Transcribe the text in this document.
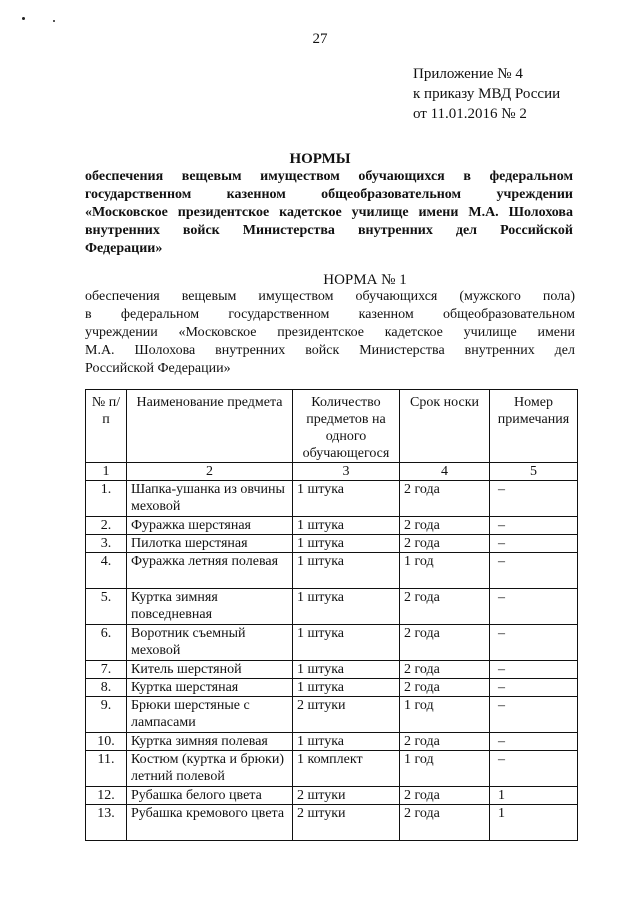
27
Приложение № 4
к приказу МВД России
от 11.01.2016 № 2
НОРМЫ
обеспечения вещевым имуществом обучающихся в федеральном
государственном казенном общеобразовательном учреждении
«Московское президентское кадетское училище имени М.А. Шолохова
внутренних войск Министерства внутренних дел Российской
Федерации»
НОРМА № 1
обеспечения вещевым имуществом обучающихся (мужского пола)
в федеральном государственном казенном общеобразовательном
учреждении «Московское президентское кадетское училище имени
М.А. Шолохова внутренних войск Министерства внутренних дел
Российской Федерации»
№ п/п	Наименование предмета	Количество предметов на одного обучающегося	Срок носки	Номер примечания
1	2	3	4	5
1.	Шапка-ушанка из овчины меховой	1 штука	2 года	–
2.	Фуражка шерстяная	1 штука	2 года	–
3.	Пилотка шерстяная	1 штука	2 года	–
4.	Фуражка летняя полевая	1 штука	1 год	–
5.	Куртка зимняя повседневная	1 штука	2 года	–
6.	Воротник съемный меховой	1 штука	2 года	–
7.	Китель шерстяной	1 штука	2 года	–
8.	Куртка шерстяная	1 штука	2 года	–
9.	Брюки шерстяные с лампасами	2 штуки	1 год	–
10.	Куртка зимняя полевая	1 штука	2 года	–
11.	Костюм (куртка и брюки) летний полевой	1 комплект	1 год	–
12.	Рубашка белого цвета	2 штуки	2 года	1
13.	Рубашка кремового цвета	2 штуки	2 года	1
